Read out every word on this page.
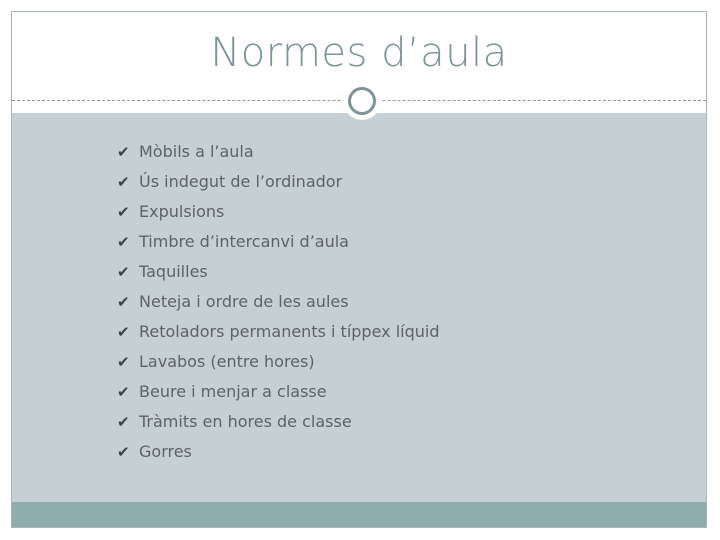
Normes d’aula
✔ Mòbils a l’aula
✔ Ús indegut de l’ordinador
✔ Expulsions
✔ Timbre d’intercanvi d’aula
✔ Taquilles
✔ Neteja i ordre de les aules
✔ Retoladors permanents i típpex líquid
✔ Lavabos (entre hores)
✔ Beure i menjar a classe
✔ Tràmits en hores de classe
✔ Gorres
